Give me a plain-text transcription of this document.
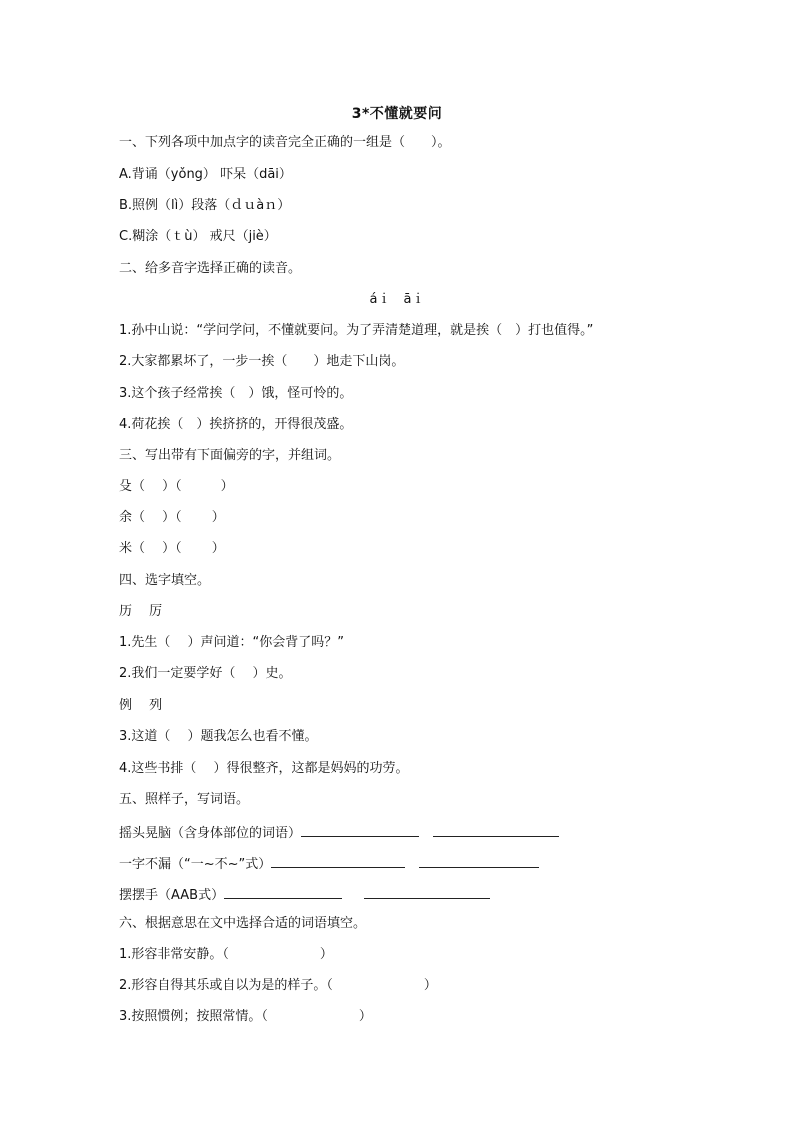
3*不懂就要问
一、下列各项中加点字的读音完全正确的一组是（　　）。
A.背诵（yǒng） 吓呆（dāi）
B.照例（lì）段落（ｄｕàｎ）
C.糊涂（ｔù） 戒尺（jiè）
二、给多音字选择正确的读音。
áｉ　āｉ
1.孙中山说：“学问学问，不懂就要问。为了弄清楚道理，就是挨（　）打也值得。”
2.大家都累坏了，一步一挨（　　）地走下山岗。
3.这个孩子经常挨（　）饿，怪可怜的。
4.荷花挨（　）挨挤挤的，开得很茂盛。
三、写出带有下面偏旁的字，并组词。
殳（　 ）（　　　）
余（　 ）（　　 ）
米（　 ）（　　 ）
四、选字填空。
历　 厉
1.先生（　 ）声问道：“你会背了吗？”
2.我们一定要学好（　 ）史。
例　 列
3.这道（　 ）题我怎么也看不懂。
4.这些书排（　 ）得很整齐，这都是妈妈的功劳。
五、照样子，写词语。
摇头晃脑（含身体部位的词语）
一字不漏（“一~不~”式）
摆摆手（AAB式）
六、根据意思在文中选择合适的词语填空。
1.形容非常安静。（　　　　　　　）
2.形容自得其乐或自以为是的样子。（　　　　　　　）
3.按照惯例；按照常情。（　　　　　　　）
